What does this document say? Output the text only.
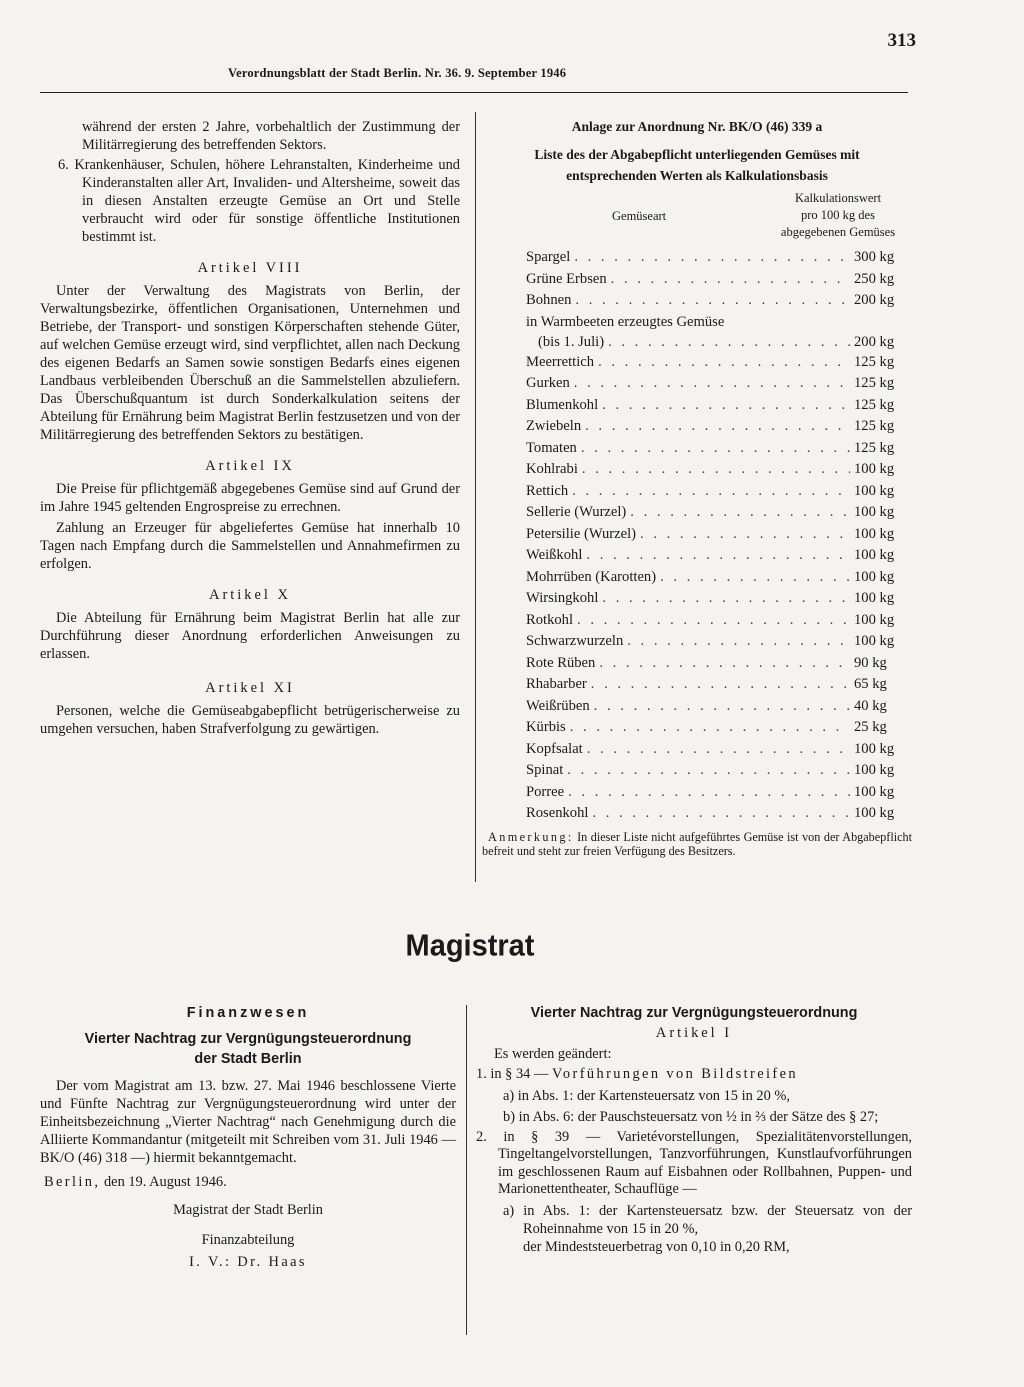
313
Verordnungsblatt der Stadt Berlin. Nr. 36. 9. September 1946

während der ersten 2 Jahre, vorbehaltlich der Zustimmung der Militärregierung des betreffenden Sektors.

6. Krankenhäuser, Schulen, höhere Lehranstalten, Kinderheime und Kinderanstalten aller Art, Invaliden- und Altersheime, soweit das in diesen Anstalten erzeugte Gemüse an Ort und Stelle verbraucht wird oder für sonstige öffentliche Institutionen bestimmt ist.

Artikel VIII

Unter der Verwaltung des Magistrats von Berlin, der Verwaltungsbezirke, öffentlichen Organisationen, Unternehmen und Betriebe, der Transport- und sonstigen Körperschaften stehende Güter, auf welchen Gemüse erzeugt wird, sind verpflichtet, allen nach Deckung des eigenen Bedarfs an Samen sowie sonstigen Bedarfs eines eigenen Landbaus verbleibenden Überschuß an die Sammelstellen abzuliefern. Das Überschußquantum ist durch Sonderkalkulation seitens der Abteilung für Ernährung beim Magistrat Berlin festzusetzen und von der Militärregierung des betreffenden Sektors zu bestätigen.

Artikel IX

Die Preise für pflichtgemäß abgegebenes Gemüse sind auf Grund der im Jahre 1945 geltenden Engrospreise zu errechnen.

Zahlung an Erzeuger für abgeliefertes Gemüse hat innerhalb 10 Tagen nach Empfang durch die Sammelstellen und Annahmefirmen zu erfolgen.

Artikel X

Die Abteilung für Ernährung beim Magistrat Berlin hat alle zur Durchführung dieser Anordnung erforderlichen Anweisungen zu erlassen.

Artikel XI

Personen, welche die Gemüseabgabepflicht betrügerischerweise zu umgehen versuchen, haben Strafverfolgung zu gewärtigen.

Anlage zur Anordnung Nr. BK/O (46) 339 a
Liste des der Abgabepflicht unterliegenden Gemüses mit
entsprechenden Werten als Kalkulationsbasis
Gemüseart
Kalkulationswert
pro 100 kg des
abgegebenen Gemüses
Spargel . . .	300 kg
Grüne Erbsen . . .	250 kg
Bohnen . . .	200 kg
in Warmbeeten erzeugtes Gemüse
(bis 1. Juli) . . .	200 kg
Meerrettich . . .	125 kg
Gurken . . .	125 kg
Blumenkohl . . .	125 kg
Zwiebeln . . .	125 kg
Tomaten . . .	125 kg
Kohlrabi . . .	100 kg
Rettich . . .	100 kg
Sellerie (Wurzel) . . .	100 kg
Petersilie (Wurzel) . . .	100 kg
Weißkohl . . .	100 kg
Mohrrüben (Karotten) . . .	100 kg
Wirsingkohl . . .	100 kg
Rotkohl . . .	100 kg
Schwarzwurzeln . . .	100 kg
Rote Rüben . . .	90 kg
Rhabarber . . .	65 kg
Weißrüben . . .	40 kg
Kürbis . . .	25 kg
Kopfsalat . . .	100 kg
Spinat . . .	100 kg
Porree . . .	100 kg
Rosenkohl . . .	100 kg

Anmerkung: In dieser Liste nicht aufgeführtes Gemüse ist von der Abgabepflicht befreit und steht zur freien Verfügung des Besitzers.

Magistrat
Finanzwesen
Vierter Nachtrag zur Vergnügungsteuerordnung
der Stadt Berlin

Der vom Magistrat am 13. bzw. 27. Mai 1946 beschlossene Vierte und Fünfte Nachtrag zur Vergnügungsteuerordnung wird unter der Einheitsbezeichnung „Vierter Nachtrag“ nach Genehmigung durch die Alliierte Kommandantur (mitgeteilt mit Schreiben vom 31. Juli 1946 — BK/O (46) 318 —) hiermit bekanntgemacht.

Berlin, den 19. August 1946.

Magistrat der Stadt Berlin
Finanzabteilung
I. V.: Dr. Haas
Vierter Nachtrag zur Vergnügungsteuerordnung
Artikel I

Es werden geändert:

1. in § 34 — Vorführungen von Bildstreifen

a) in Abs. 1: der Kartensteuersatz von 15 in 20 %,

b) in Abs. 6: der Pauschsteuersatz von ½ in ⅔ der Sätze des § 27;

2. in § 39 — Varietévorstellungen, Spezialitätenvorstellungen, Tingeltangelvorstellungen, Tanzvorführungen, Kunstlaufvorführungen im geschlossenen Raum auf Eisbahnen oder Rollbahnen, Puppen- und Marionettentheater, Schauflüge —

a) in Abs. 1: der Kartensteuersatz bzw. der Steuersatz von der Roheinnahme von 15 in 20 %,

der Mindeststeuerbetrag von 0,10 in 0,20 RM,
